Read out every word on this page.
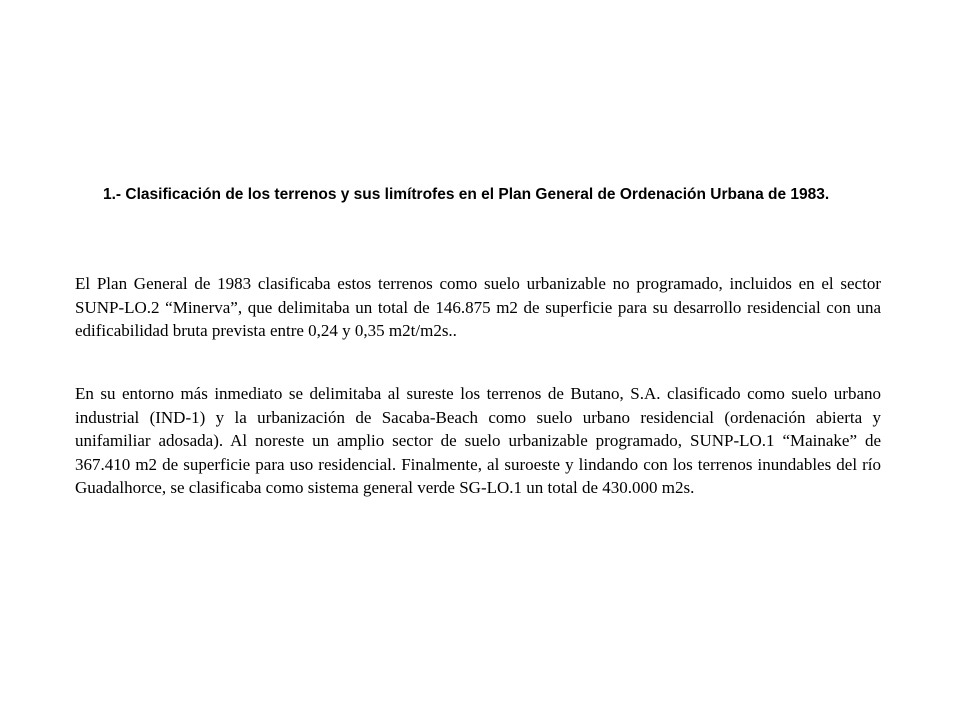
1.- Clasificación de los terrenos y sus limítrofes en el Plan General de Ordenación Urbana de 1983.

El Plan General de 1983 clasificaba estos terrenos como suelo urbanizable no programado, incluidos en el sector SUNP-LO.2 “Minerva”, que delimitaba un total de 146.875 m2 de superficie para su desarrollo residencial con una edificabilidad bruta prevista entre 0,24 y 0,35 m2t/m2s..

En su entorno más inmediato se delimitaba al sureste los terrenos de Butano, S.A. clasificado como suelo urbano industrial (IND-1) y la urbanización de Sacaba-Beach como suelo urbano residencial (ordenación abierta y unifamiliar adosada). Al noreste un amplio sector de suelo urbanizable programado, SUNP-LO.1 “Mainake” de 367.410 m2 de superficie para uso residencial. Finalmente, al suroeste y lindando con los terrenos inundables del río Guadalhorce, se clasificaba como sistema general verde SG-LO.1 un total de 430.000 m2s.
